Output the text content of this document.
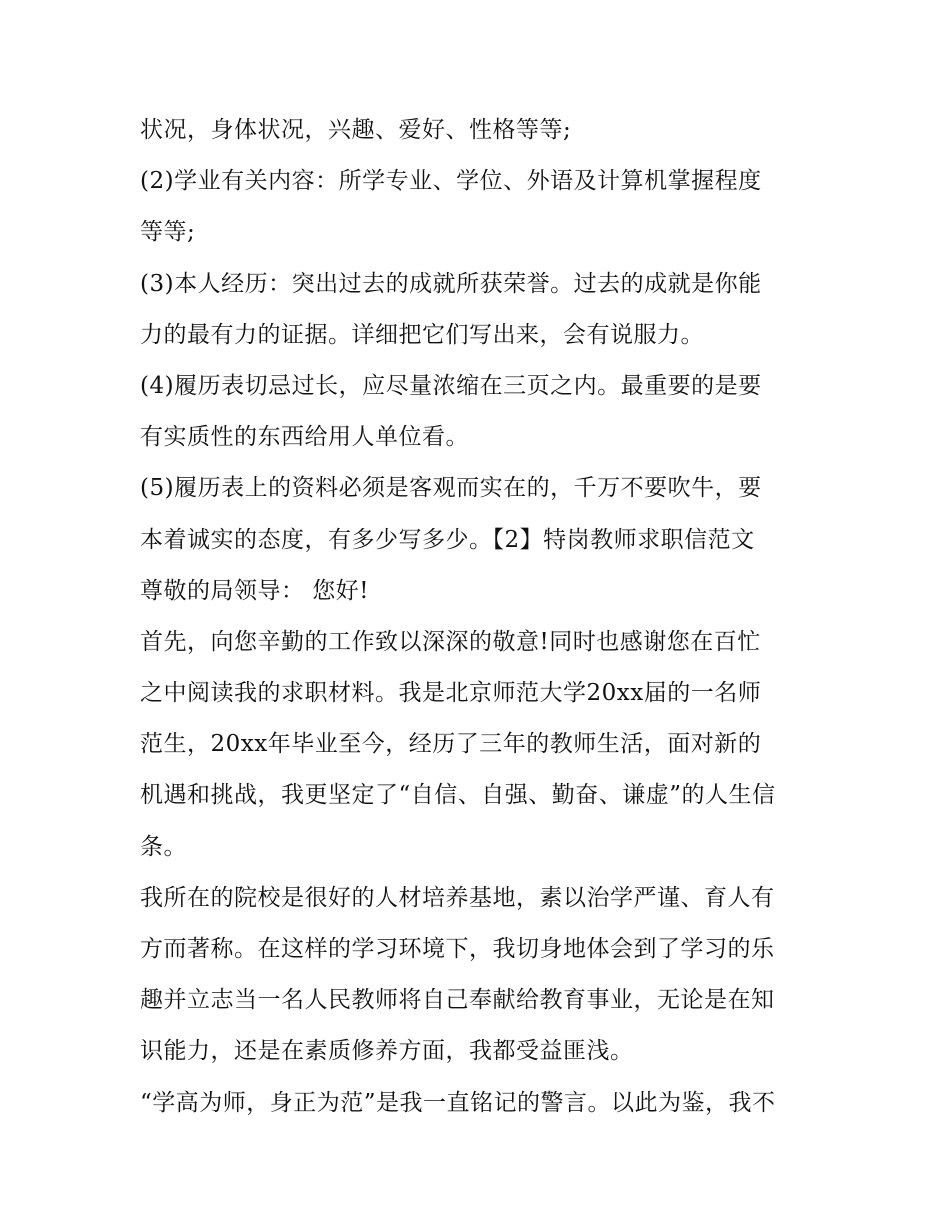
状况，身体状况，兴趣、爱好、性格等等;
(2)学业有关内容：所学专业、学位、外语及计算机掌握程度
等等;
(3)本人经历：突出过去的成就所获荣誉。过去的成就是你能
力的最有力的证据。详细把它们写出来，会有说服力。
(4)履历表切忌过长，应尽量浓缩在三页之内。最重要的是要
有实质性的东西给用人单位看。
(5)履历表上的资料必须是客观而实在的，千万不要吹牛，要
本着诚实的态度，有多少写多少。【2】特岗教师求职信范文
尊敬的局领导： 您好!
首先，向您辛勤的工作致以深深的敬意!同时也感谢您在百忙
之中阅读我的求职材料。我是北京师范大学20xx届的一名师
范生，20xx年毕业至今，经历了三年的教师生活，面对新的
机遇和挑战，我更坚定了“自信、自强、勤奋、谦虚”的人生信
条。
我所在的院校是很好的人材培养基地，素以治学严谨、育人有
方而著称。在这样的学习环境下，我切身地体会到了学习的乐
趣并立志当一名人民教师将自己奉献给教育事业，无论是在知
识能力，还是在素质修养方面，我都受益匪浅。
“学高为师，身正为范”是我一直铭记的警言。以此为鉴，我不
